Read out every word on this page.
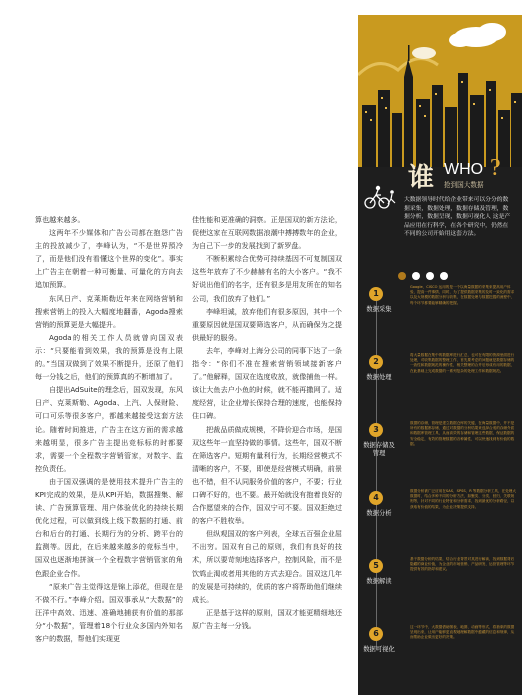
算也越来越多。

这两年不少媒体和广告公司都在抱怨广告主的投放减少了，李峰认为，“不是世界預冷了，而是他们没有看懂这个世界的变化”。事实上广告主在朝着一种可衡量、可量化的方向去追加预算。

东风日产、克莱斯勒近年来在网络营销和搜索营销上的投入大幅度地翻番，Agoda搜索营销的预算更是大幅提升。

Agoda的相关工作人员就曾向国双表示：“只要能看到效果，我的预算是没有上限的。”当国双做到了效果不断提升，还原了他们每一分钱之后，他们的预算真的不断增加了。

自提出AdSuite的理念后，国双发现，东风日产、克莱斯勒、Agoda、上汽、人保财险、可口可乐等很多客户，都越来越接受这套方法论。随着时间推进，广告主在这方面的需求越来越明显，很多广告主提出竞标标的时都要求，需要一个全程数字营销管家，对数字、监控负责任。

由于国双强调的是使用技术提升广告主的KPI完成的效果，是从KPI开始，数据搜集、解读、广告预算管理、用户体验优化的持续长期优化过程，可以做到线上线下数据的打通、前台和后台的打通、长期行为的分析、跨平台的监测等。因此，在后来越来越多的竞标当中，国双也逐渐地拼演一个全程数字营销管家的角色跟企业合作。

“原来广告主觉得这是锦上添花，但现在是不做不行。”李峰介绍。国双事承从“大数据”的汪洋中高效、迅速、准确地捕获有价值的那部分“小数据”，管理着18个行业众多国内外知名客户的数据，帮他们实现更

佳性能和更准确的洞察。正是国双的新方法论，促使这家在互联网数据浪潮中搏搏数年的企业，为自己下一步的发展找到了新罗盘。

不断积累综合优势可持续基因不可复制国双这些年放弃了不少赫赫有名的大小客户。“我不好说出他们的名字，还有很多是用友所在的知名公司，我们放弃了他们。”

李峰坦诚，放弃他们有很多原因，其中一个重要原因就是国双要筛选客户，从而确保为之提供最好的服务。

去年，李峰对上海分公司的同事下达了一条指令：“你们不准在搜索营销领域接新客户了。”他解释，国双在选度收放，就像捕鱼一样。该让大鱼去户小鱼的时候，就不能再撒网了。适度经营，让企业增长保持合理的速度，也能保持住口碑。

把裁品质做成规模，不降价迎合市场，是国双这些年一直坚持做的事情。这些年，国双不断在筛选客户。短期有量利行为，长期经营模式不清晰的客户，不要，即使是经营模式明确，前景也不错，但不认同服务价值的客户，不要；行业口碑不好的，也不要。最开始就没有抱着良好的合作愿望来的合作，国双宁可不要。国双拒绝过的客户不胜枚举。

但纵观国双的客户列表，全球五百强企业屈不出穷。国双有自己的原则，我们有良好的技术，所以要苛刻地选择客户，控制风险，而不是饮鸩止渴或者用其他的方式去迎合。国双这几年的发展是可持续的，优质的客户将帮助他们继续成长。

正是基于这样的原则，国双才能更精细地还原广告主每一分钱。

谁 WHO ?
抢到国大数据
大数据领导时代给企业带来可以分分的数据采集，数据处理，数据存储及管理，数据分析，数据呈现，数据可视化人 这是产品应用在行科学，在各个研究中，仍然在不同的公司开始用这套方法。
1
数据采集
Google、CISCO 运用的是一个以海量数据的采集来提高用户体验，提高一件事情，同时，为了提供数据采集的及时一致化的需求以及大规模的数据分析与收集，在数据处理与数据挖掘的流程中，每个环节都要能够精确的把握。
2
数据处理
将大量数据在集中的数据库进行汇总，也可在有限的资源里面进行处理，对收集数据的整理工作，首先要考虑的问题就是数据存储的一致性和数据规范的操作性，相关整理的合并后形成有用的数据，在此基础上完成数据的一系列复杂的处理工作和数据规范。
3
数据存储及管理
数据的存储，管理是建立数据仓库的关键，在海量数据中，并不是所有的数据都存储，通过对数据的分析结果来选择合适的存储介质和数据库管理工具，从而高效的存储和管理这些数据，保证数据的安全稳定，有效的管理数据的各种属性，可以快速找到有价值的数据。
4
数据分析
数据分析被广泛应用在SAS、SPSS、R 等数据分析工具，在处理大数据时，结合多种不同的分析方法，如聚类、分类、回归、关联规则等，针对不同的行业特征和分析需求，找到最优的分析路径，以获取有价值的结果，为企业决策提供支持。
5
数据解读
基于数据分析的结果，结合行业背景对其进行解读，找到数据背后隐藏的商业价值，为企业的市场营销、产品研发、运营管理等环节提供有效的指导和建议。
6
数据可视化
这一环节中，大数据借助图表、地图、动画等形式，将抽象的数据呈现出来，让用户能够更直观地理解数据中蕴藏的信息和规律，从而帮助企业做出更好的决策。
